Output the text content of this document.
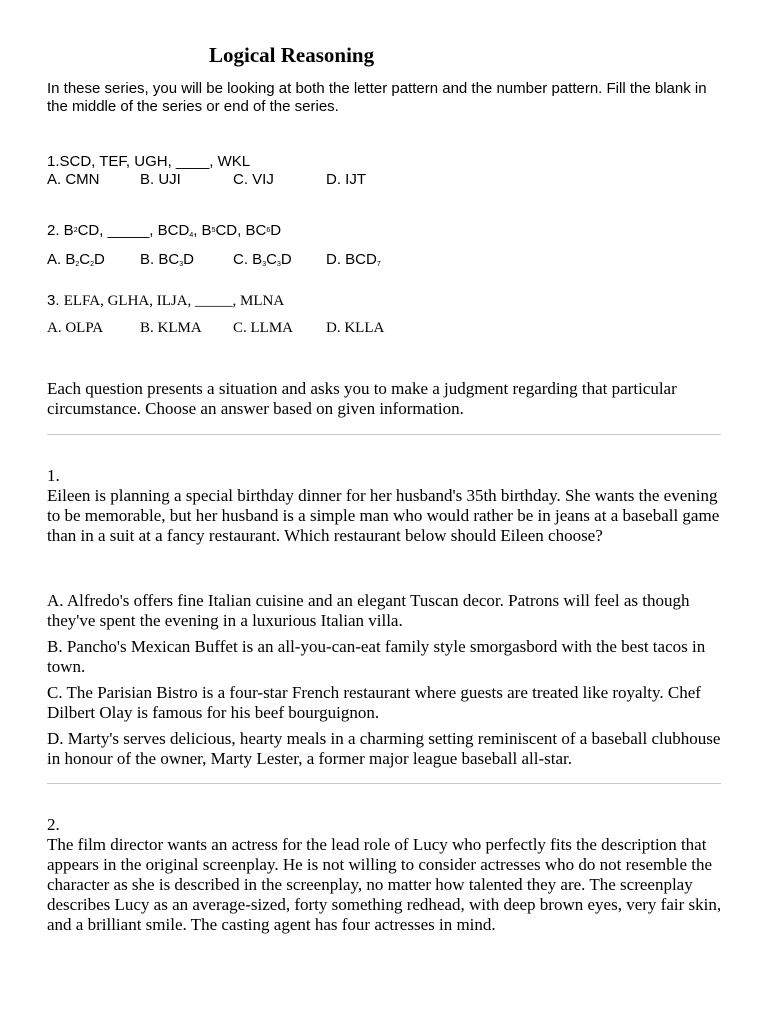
Logical Reasoning
In these series, you will be looking at both the letter pattern and the number pattern. Fill the blank in the middle of the series or end of the series.
1.SCD, TEF, UGH, ____, WKL
A. CMN	B. UJI	C. VIJ	D. IJT
2. $B^2CD$, _____, $BCD_4$, $B^5CD$, $BC^6D$
A. $B_2C_2D$ B. $BC_3D$	C. $B_3C_3D$ D. $BCD_7$
3. ELFA, GLHA, ILJA, _____, MLNA
A. OLPA B. KLMA C. LLMA D. KLLA
Each question presents a situation and asks you to make a judgment regarding that particular circumstance. Choose an answer based on given information.

1.

Eileen is planning a special birthday dinner for her husband's 35th birthday. She wants the evening to be memorable, but her husband is a simple man who would rather be in jeans at a baseball game than in a suit at a fancy restaurant. Which restaurant below should Eileen choose?

A. Alfredo's offers fine Italian cuisine and an elegant Tuscan decor. Patrons will feel as though they've spent the evening in a luxurious Italian villa.

B. Pancho's Mexican Buffet is an all-you-can-eat family style smorgasbord with the best tacos in town.

C. The Parisian Bistro is a four-star French restaurant where guests are treated like royalty. Chef Dilbert Olay is famous for his beef bourguignon.

D. Marty's serves delicious, hearty meals in a charming setting reminiscent of a baseball clubhouse in honour of the owner, Marty Lester, a former major league baseball all-star.

2.

The film director wants an actress for the lead role of Lucy who perfectly fits the description that appears in the original screenplay. He is not willing to consider actresses who do not resemble the character as she is described in the screenplay, no matter how talented they are. The screenplay describes Lucy as an average-sized, forty something redhead, with deep brown eyes, very fair skin, and a brilliant smile. The casting agent has four actresses in mind.
